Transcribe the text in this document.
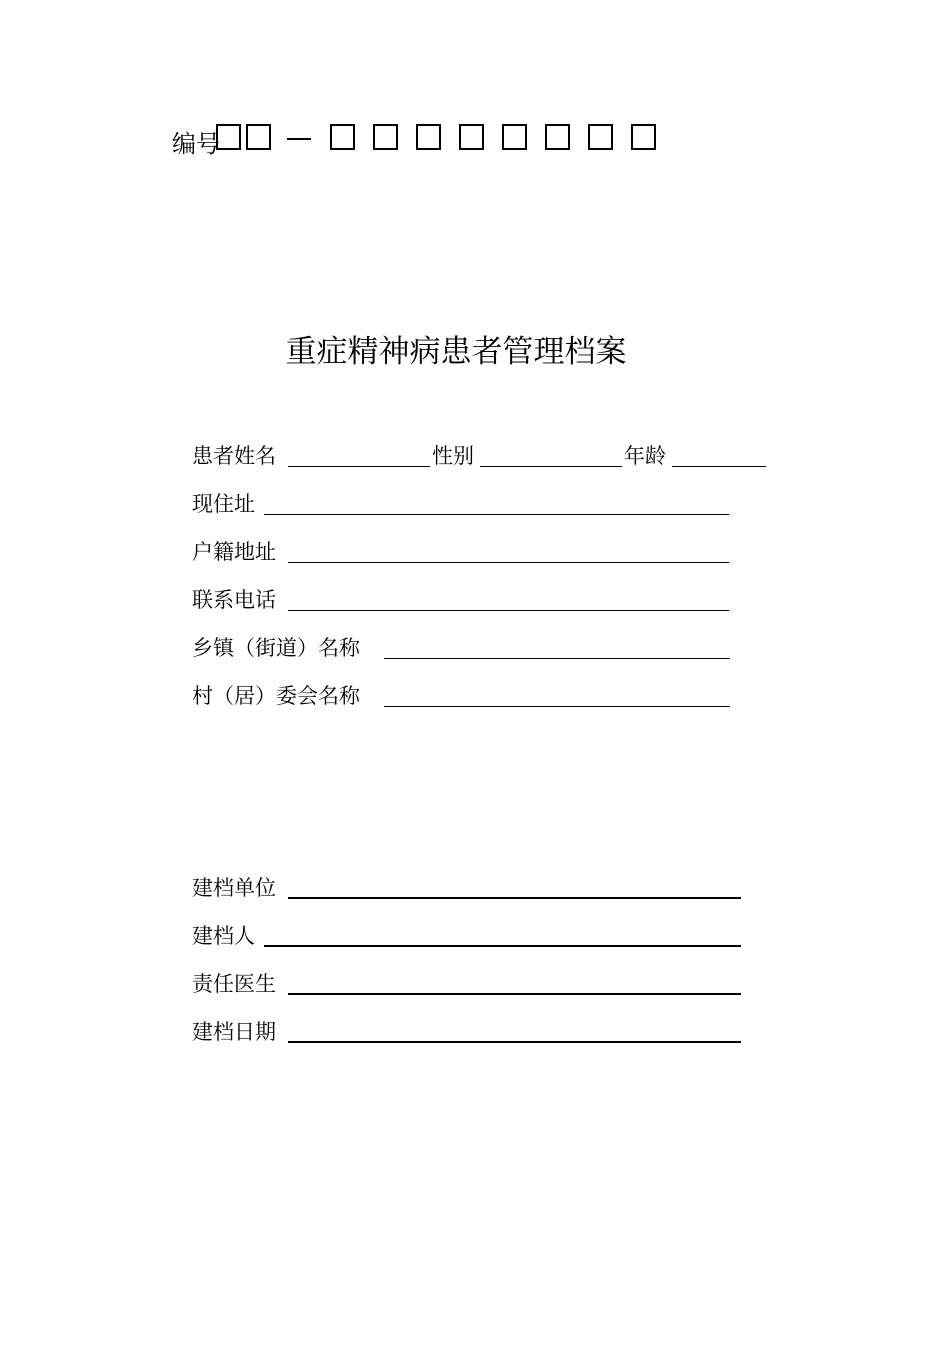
编号
重症精神病患者管理档案
患者姓名	性别	年龄
现住址
户籍地址
联系电话
乡镇（街道）名称
村（居）委会名称
建档单位
建档人
责任医生
建档日期
